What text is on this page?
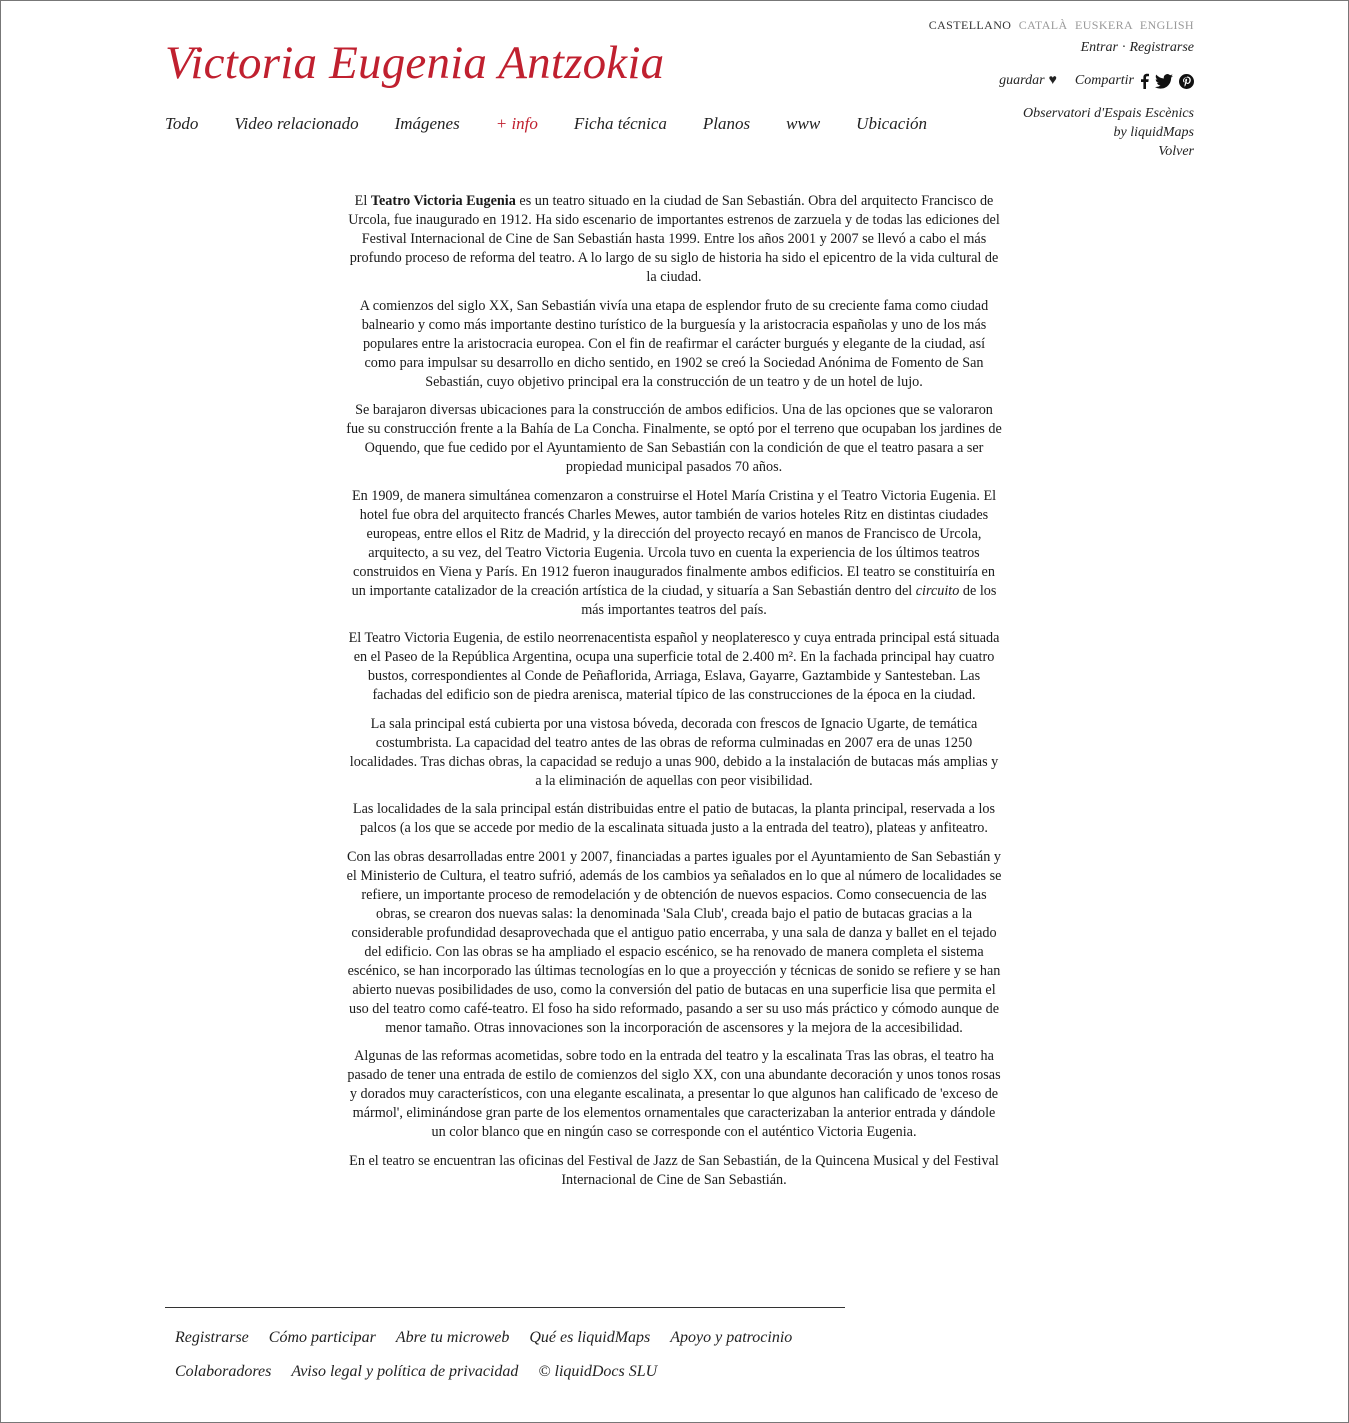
Victoria Eugenia Antzokia
Todo Video relacionado Imágenes + info Ficha técnica Planos www Ubicación
CASTELLANO CATALÀ EUSKERA ENGLISH
Entrar · Registrarse
guardar ♥ Compartir
Observatori d'Espais Escènics
by liquidMaps
Volver

El Teatro Victoria Eugenia es un teatro situado en la ciudad de San Sebastián. Obra del arquitecto Francisco de Urcola, fue inaugurado en 1912. Ha sido escenario de importantes estrenos de zarzuela y de todas las ediciones del Festival Internacional de Cine de San Sebastián hasta 1999. Entre los años 2001 y 2007 se llevó a cabo el más profundo proceso de reforma del teatro. A lo largo de su siglo de historia ha sido el epicentro de la vida cultural de la ciudad.

A comienzos del siglo XX, San Sebastián vivía una etapa de esplendor fruto de su creciente fama como ciudad balneario y como más importante destino turístico de la burguesía y la aristocracia españolas y uno de los más populares entre la aristocracia europea. Con el fin de reafirmar el carácter burgués y elegante de la ciudad, así como para impulsar su desarrollo en dicho sentido, en 1902 se creó la Sociedad Anónima de Fomento de San Sebastián, cuyo objetivo principal era la construcción de un teatro y de un hotel de lujo.

Se barajaron diversas ubicaciones para la construcción de ambos edificios. Una de las opciones que se valoraron fue su construcción frente a la Bahía de La Concha. Finalmente, se optó por el terreno que ocupaban los jardines de Oquendo, que fue cedido por el Ayuntamiento de San Sebastián con la condición de que el teatro pasara a ser propiedad municipal pasados 70 años.

En 1909, de manera simultánea comenzaron a construirse el Hotel María Cristina y el Teatro Victoria Eugenia. El hotel fue obra del arquitecto francés Charles Mewes, autor también de varios hoteles Ritz en distintas ciudades europeas, entre ellos el Ritz de Madrid, y la dirección del proyecto recayó en manos de Francisco de Urcola, arquitecto, a su vez, del Teatro Victoria Eugenia. Urcola tuvo en cuenta la experiencia de los últimos teatros construidos en Viena y París. En 1912 fueron inaugurados finalmente ambos edificios. El teatro se constituiría en un importante catalizador de la creación artística de la ciudad, y situaría a San Sebastián dentro del circuito de los más importantes teatros del país.

El Teatro Victoria Eugenia, de estilo neorrenacentista español y neoplateresco y cuya entrada principal está situada en el Paseo de la República Argentina, ocupa una superficie total de 2.400 m². En la fachada principal hay cuatro bustos, correspondientes al Conde de Peñaflorida, Arriaga, Eslava, Gayarre, Gaztambide y Santesteban. Las fachadas del edificio son de piedra arenisca, material típico de las construcciones de la época en la ciudad.

La sala principal está cubierta por una vistosa bóveda, decorada con frescos de Ignacio Ugarte, de temática costumbrista. La capacidad del teatro antes de las obras de reforma culminadas en 2007 era de unas 1250 localidades. Tras dichas obras, la capacidad se redujo a unas 900, debido a la instalación de butacas más amplias y a la eliminación de aquellas con peor visibilidad.

Las localidades de la sala principal están distribuidas entre el patio de butacas, la planta principal, reservada a los palcos (a los que se accede por medio de la escalinata situada justo a la entrada del teatro), plateas y anfiteatro.

Con las obras desarrolladas entre 2001 y 2007, financiadas a partes iguales por el Ayuntamiento de San Sebastián y el Ministerio de Cultura, el teatro sufrió, además de los cambios ya señalados en lo que al número de localidades se refiere, un importante proceso de remodelación y de obtención de nuevos espacios. Como consecuencia de las obras, se crearon dos nuevas salas: la denominada 'Sala Club', creada bajo el patio de butacas gracias a la considerable profundidad desaprovechada que el antiguo patio encerraba, y una sala de danza y ballet en el tejado del edificio. Con las obras se ha ampliado el espacio escénico, se ha renovado de manera completa el sistema escénico, se han incorporado las últimas tecnologías en lo que a proyección y técnicas de sonido se refiere y se han abierto nuevas posibilidades de uso, como la conversión del patio de butacas en una superficie lisa que permita el uso del teatro como café-teatro. El foso ha sido reformado, pasando a ser su uso más práctico y cómodo aunque de menor tamaño. Otras innovaciones son la incorporación de ascensores y la mejora de la accesibilidad.

Algunas de las reformas acometidas, sobre todo en la entrada del teatro y la escalinata Tras las obras, el teatro ha pasado de tener una entrada de estilo de comienzos del siglo XX, con una abundante decoración y unos tonos rosas y dorados muy característicos, con una elegante escalinata, a presentar lo que algunos han calificado de 'exceso de mármol', eliminándose gran parte de los elementos ornamentales que caracterizaban la anterior entrada y dándole un color blanco que en ningún caso se corresponde con el auténtico Victoria Eugenia.

En el teatro se encuentran las oficinas del Festival de Jazz de San Sebastián, de la Quincena Musical y del Festival Internacional de Cine de San Sebastián.

Registrarse Cómo participar Abre tu microweb Qué es liquidMaps Apoyo y patrocinio
Colaboradores Aviso legal y política de privacidad © liquidDocs SLU
